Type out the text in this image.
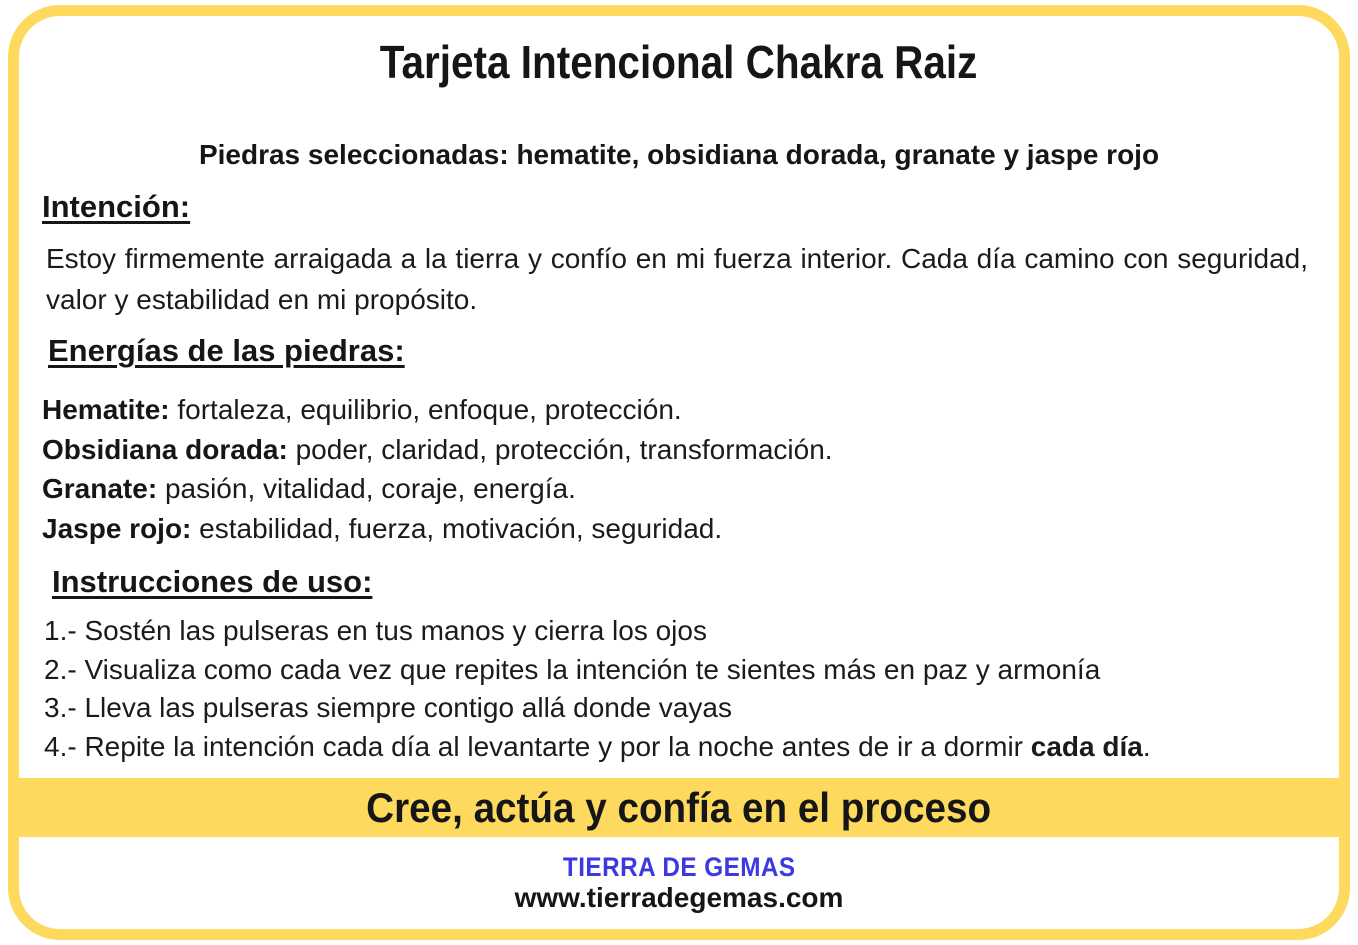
Tarjeta Intencional Chakra Raiz
Piedras seleccionadas: hematite, obsidiana dorada, granate y jaspe rojo
Intención:
Estoy firmemente arraigada a la tierra y confío en mi fuerza interior. Cada día camino con seguridad, valor y estabilidad en mi propósito.
Energías de las piedras:
Hematite: fortaleza, equilibrio, enfoque, protección.
Obsidiana dorada: poder, claridad, protección, transformación.
Granate: pasión, vitalidad, coraje, energía.
Jaspe rojo: estabilidad, fuerza, motivación, seguridad.
Instrucciones de uso:
1.- Sostén las pulseras en tus manos y cierra los ojos
2.- Visualiza como cada vez que repites la intención te sientes más en paz y armonía
3.- Lleva las pulseras siempre contigo allá donde vayas
4.- Repite la intención cada día al levantarte y por la noche antes de ir a dormir cada día.
Cree, actúa y confía en el proceso
TIERRA DE GEMAS
www.tierradegemas.com
